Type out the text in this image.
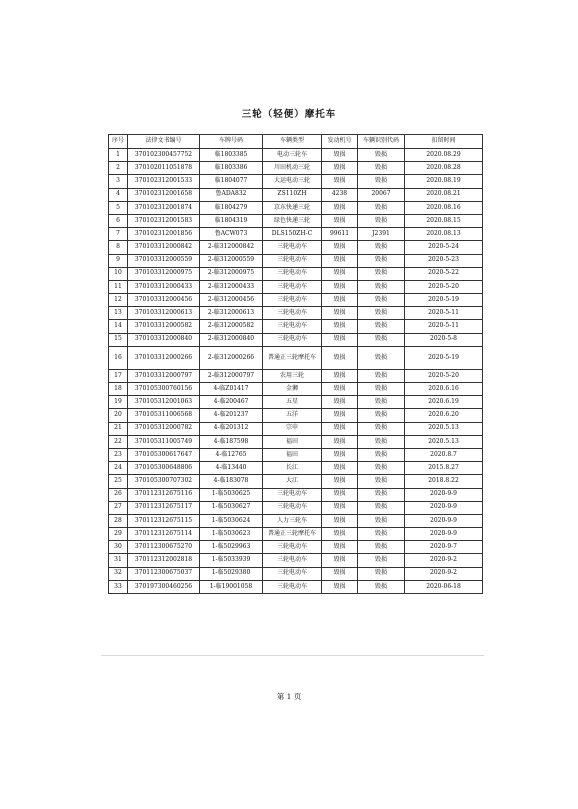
三轮（轻便）摩托车
序号	法律文书编号	车牌号码	车辆类型	发动机号	车辆识别代码	扣留时间
1	370102300457752	临1803385	电动三轮车	毁损	毁损	2020.08.29
2	370102011051878	临1803386	川田机动三轮	毁损	毁损	2020.08.28
3	370102312001533	临1804077	大运电动三轮	毁损	毁损	2020.08.19
4	370102312001658	鲁ADA832	ZS110ZH	4238	20067	2020.08.21
5	370102312001874	临1804279	京东快递三轮	毁损	毁损	2020.08.16
6	370102312001583	临1804319	绿色快递三轮	毁损	毁损	2020.08.15
7	370102312001856	鲁ACW073	DLS150ZH-C	99611	J2391	2020.08.13
8	370103312000842	2-临312000842	三轮电动车	毁损	毁损	2020-5-24
9	370103312000559	2-临312000559	三轮电动车	毁损	毁损	2020-5-23
10	370103312000975	2-临312000975	三轮电动车	毁损	毁损	2020-5-22
11	370103312000433	2-临312000433	三轮电动车	毁损	毁损	2020-5-20
12	370103312000456	2-临312000456	三轮电动车	毁损	毁损	2020-5-19
13	370103312000613	2-临312000613	三轮电动车	毁损	毁损	2020-5-11
14	370103312000582	2-临312000582	三轮电动车	毁损	毁损	2020-5-11
15	370103312000840	2-临312000840	三轮电动车	毁损	毁损	2020-5-8
16	370103312000266	2-临312000266	普通正三轮摩托车	毁损	毁损	2020-5-19
17	370103312000797	2-临312000797	农用三轮	毁损	毁损	2020-5-20
18	370105300760156	4-临Z01417	金狮	毁损	毁损	2020.6.16
19	370105312001063	4-临200467	五星	毁损	毁损	2020.6.19
20	370105311006568	4-临201237	五洋	毁损	毁损	2020.6.20
21	370105312000782	4-临201312	宗申	毁损	毁损	2020.5.13
22	370105311005749	4-临187598	福田	毁损	毁损	2020.5.13
23	370105300617647	4-临12765	福田	毁损	毁损	2020.8.7
24	370105300648806	4-临13440	长江	毁损	毁损	2015.8.27
25	370105300707302	4-临183078	大江	毁损	毁损	2018.8.22
26	370112312675116	1-临5030625	三轮电动车	毁损	毁损	2020-9-9
27	370112312675117	1-临5030627	三轮电动车	毁损	毁损	2020-9-9
28	370112312675115	1-临5030624	人力三轮车	毁损	毁损	2020-9-9
29	370112312675114	1-临5030623	普通正三轮摩托车	毁损	毁损	2020-9-9
30	370112300675270	1-临5029963	三轮电动车	毁损	毁损	2020-9-7
31	370112312002818	1-临5033939	三轮电动车	毁损	毁损	2020-9-2
32	370112300675037	1-临5029380	三轮电动车	毁损	毁损	2020-9-2
33	370197300460256	1-临19001058	三轮电动车	毁损	毁损	2020-06-18
第 1 页
